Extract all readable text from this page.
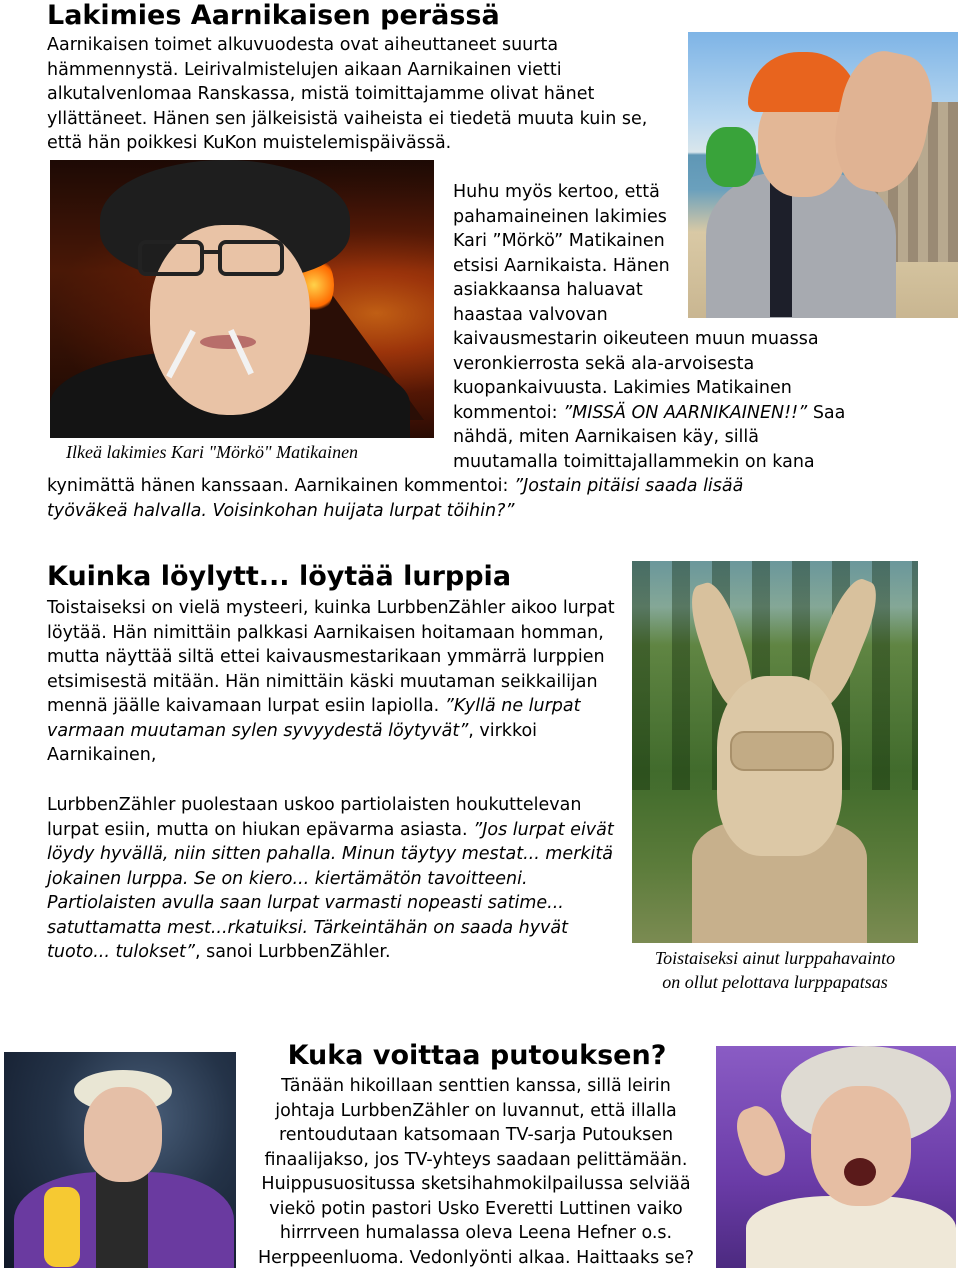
Lakimies Aarnikaisen perässä
Aarnikaisen toimet alkuvuodesta ovat aiheuttaneet suurta hämmennystä. Leirivalmistelujen aikaan Aarnikainen vietti alkutalvenlomaa Ranskassa, mistä toimittajamme olivat hänet yllättäneet. Hänen sen jälkeisistä vaiheista ei tiedetä muuta kuin se, että hän poikkesi KuKon muistelemispäivässä.
Ilkeä lakimies Kari "Mörkö" Matikainen

Huhu myös kertoo, että

pahamaineinen lakimies

Kari ”Mörkö” Matikainen

etsisi Aarnikaista. Hänen

asiakkaansa haluavat

haastaa valvovan

kaivausmestarin oikeuteen muun muassa

veronkierrosta sekä ala-arvoisesta

kuopankaivuusta. Lakimies Matikainen

kommentoi: ”MISSÄ ON AARNIKAINEN!!” Saa

nähdä, miten Aarnikaisen käy, sillä

muutamalla toimittajallammekin on kana

kynimättä hänen kanssaan. Aarnikainen kommentoi: ”Jostain pitäisi saada lisää

työväkeä halvalla. Voisinkohan huijata lurpat töihin?”

Kuinka löylytt... löytää lurppia
Toistaiseksi on vielä mysteeri, kuinka LurbbenZähler aikoo lurpat löytää. Hän nimittäin palkkasi Aarnikaisen hoitamaan homman, mutta näyttää siltä ettei kaivausmestarikaan ymmärrä lurppien etsimisestä mitään. Hän nimittäin käski muutaman seikkailijan mennä jäälle kaivamaan lurpat esiin lapiolla. ”Kyllä ne lurpat varmaan muutaman sylen syvyydestä löytyvät”, virkkoi Aarnikainen,
LurbbenZähler puolestaan uskoo partiolaisten houkuttelevan lurpat esiin, mutta on hiukan epävarma asiasta. ”Jos lurpat eivät löydy hyvällä, niin sitten pahalla. Minun täytyy mestat... merkitä jokainen lurppa. Se on kiero... kiertämätön tavoitteeni. Partiolaisten avulla saan lurpat varmasti nopeasti satime... satuttamatta mest...rkatuiksi. Tärkeintähän on saada hyvät tuoto... tulokset”, sanoi LurbbenZähler.	Toistaiseksi ainut lurppahavainto
on ollut pelottava lurppapatsas
Kuka voittaa putouksen?

Tänään hikoillaan senttien kanssa, sillä leirin

johtaja LurbbenZähler on luvannut, että illalla

rentoudutaan katsomaan TV-sarja Putouksen

finaalijakso, jos TV-yhteys saadaan pelittämään.

Huippusuositussa sketsihahmokilpailussa selviää

viekö potin pastori Usko Everetti Luttinen vaiko

hirrrveen humalassa oleva Leena Hefner o.s.

Herppeenluoma. Vedonlyönti alkaa. Haittaaks se?
